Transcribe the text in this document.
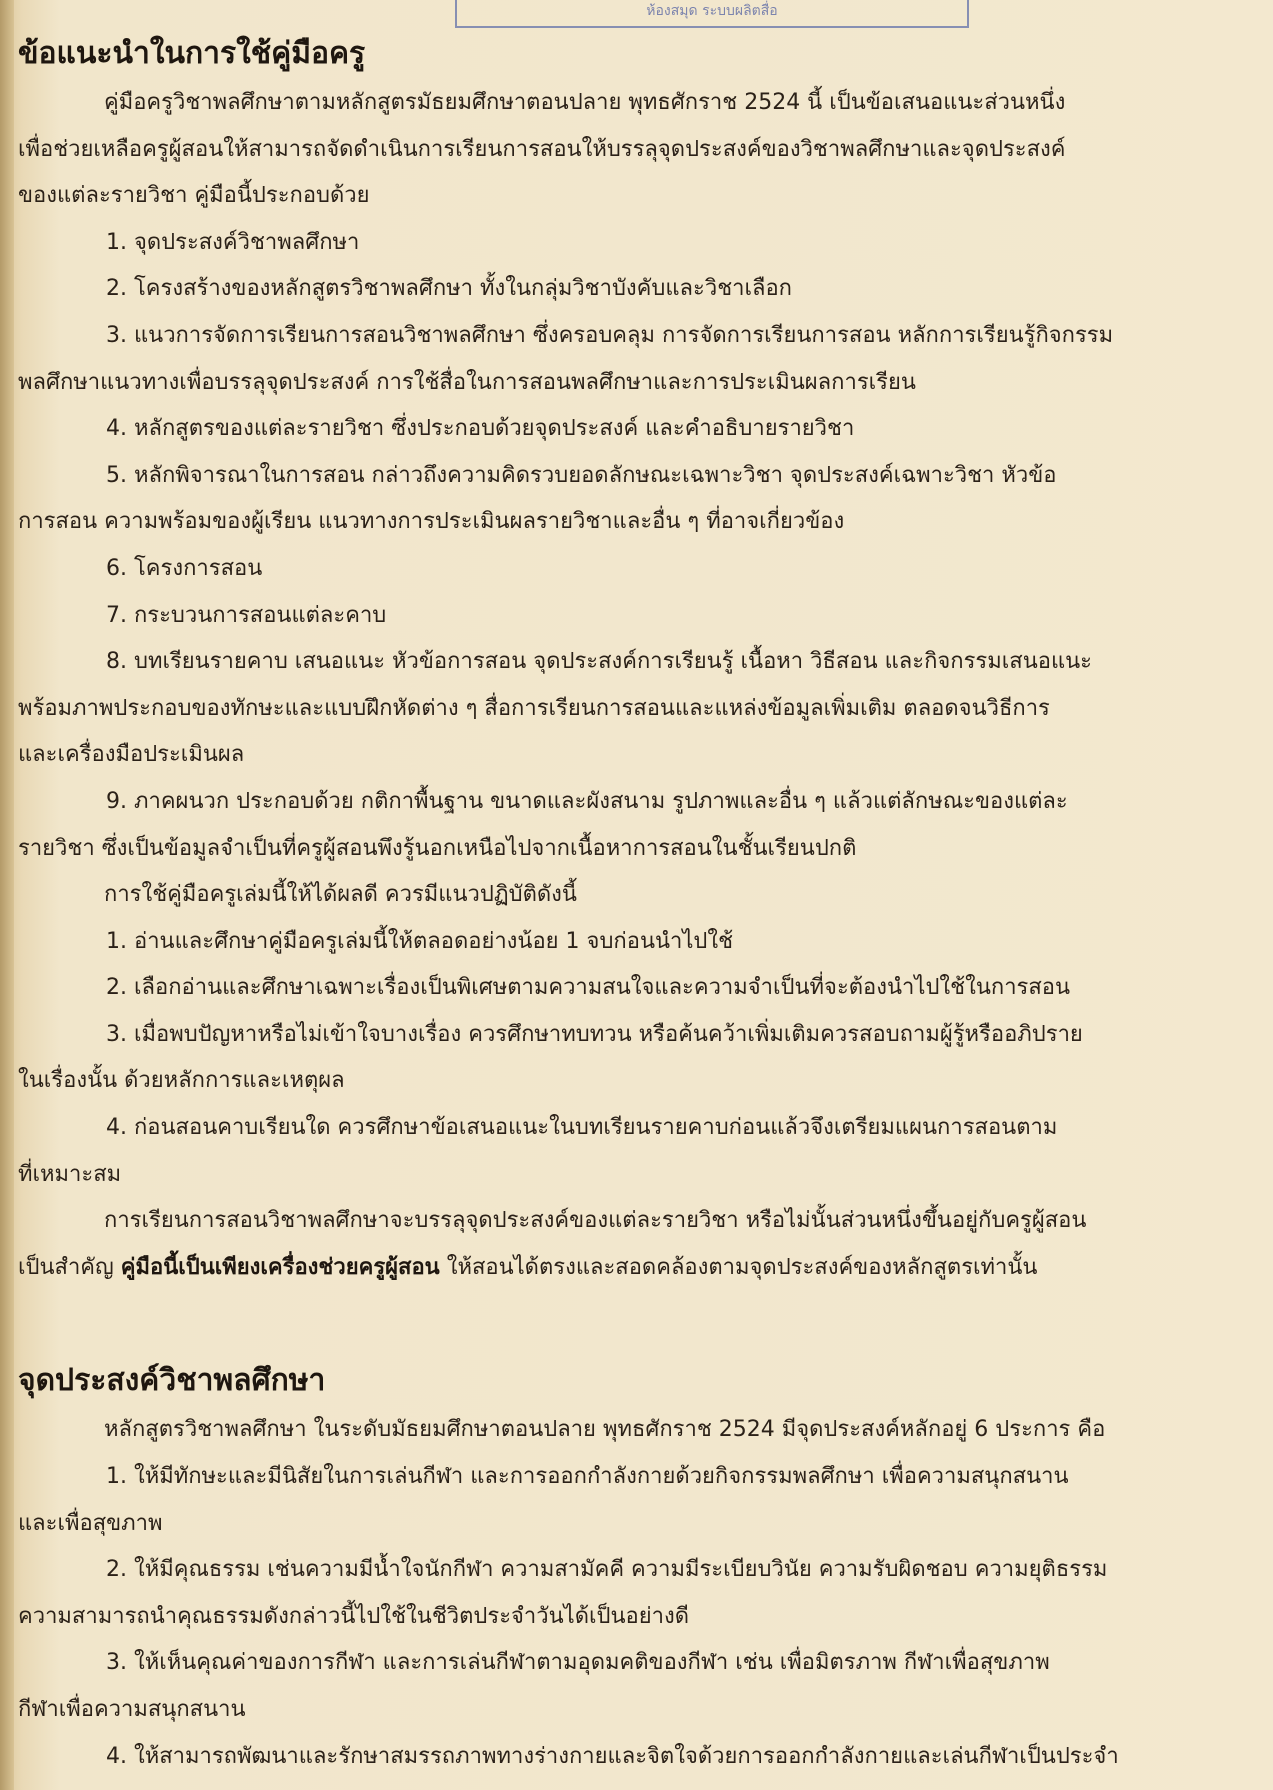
ห้องสมุด ระบบผลิตสื่อ
ข้อแนะนำในการใช้คู่มือครู

คู่มือครูวิชาพลศึกษาตามหลักสูตรมัธยมศึกษาตอนปลาย พุทธศักราช 2524 นี้ เป็นข้อเสนอแนะส่วนหนึ่ง

เพื่อช่วยเหลือครูผู้สอนให้สามารถจัดดำเนินการเรียนการสอนให้บรรลุจุดประสงค์ของวิชาพลศึกษาและจุดประสงค์

ของแต่ละรายวิชา คู่มือนี้ประกอบด้วย

1. จุดประสงค์วิชาพลศึกษา

2. โครงสร้างของหลักสูตรวิชาพลศึกษา ทั้งในกลุ่มวิชาบังคับและวิชาเลือก

3. แนวการจัดการเรียนการสอนวิชาพลศึกษา ซึ่งครอบคลุม การจัดการเรียนการสอน หลักการเรียนรู้กิจกรรม

พลศึกษาแนวทางเพื่อบรรลุจุดประสงค์ การใช้สื่อในการสอนพลศึกษาและการประเมินผลการเรียน

4. หลักสูตรของแต่ละรายวิชา ซึ่งประกอบด้วยจุดประสงค์ และคำอธิบายรายวิชา

5. หลักพิจารณาในการสอน กล่าวถึงความคิดรวบยอดลักษณะเฉพาะวิชา จุดประสงค์เฉพาะวิชา หัวข้อ

การสอน ความพร้อมของผู้เรียน แนวทางการประเมินผลรายวิชาและอื่น ๆ ที่อาจเกี่ยวข้อง

6. โครงการสอน

7. กระบวนการสอนแต่ละคาบ

8. บทเรียนรายคาบ เสนอแนะ หัวข้อการสอน จุดประสงค์การเรียนรู้ เนื้อหา วิธีสอน และกิจกรรมเสนอแนะ

พร้อมภาพประกอบของทักษะและแบบฝึกหัดต่าง ๆ สื่อการเรียนการสอนและแหล่งข้อมูลเพิ่มเติม ตลอดจนวิธีการ

และเครื่องมือประเมินผล

9. ภาคผนวก ประกอบด้วย กติกาพื้นฐาน ขนาดและผังสนาม รูปภาพและอื่น ๆ แล้วแต่ลักษณะของแต่ละ

รายวิชา ซึ่งเป็นข้อมูลจำเป็นที่ครูผู้สอนพึงรู้นอกเหนือไปจากเนื้อหาการสอนในชั้นเรียนปกติ

การใช้คู่มือครูเล่มนี้ให้ได้ผลดี ควรมีแนวปฏิบัติดังนี้

1. อ่านและศึกษาคู่มือครูเล่มนี้ให้ตลอดอย่างน้อย 1 จบก่อนนำไปใช้

2. เลือกอ่านและศึกษาเฉพาะเรื่องเป็นพิเศษตามความสนใจและความจำเป็นที่จะต้องนำไปใช้ในการสอน

3. เมื่อพบปัญหาหรือไม่เข้าใจบางเรื่อง ควรศึกษาทบทวน หรือค้นคว้าเพิ่มเติมควรสอบถามผู้รู้หรืออภิปราย

ในเรื่องนั้น ด้วยหลักการและเหตุผล

4. ก่อนสอนคาบเรียนใด ควรศึกษาข้อเสนอแนะในบทเรียนรายคาบก่อนแล้วจึงเตรียมแผนการสอนตาม

ที่เหมาะสม

การเรียนการสอนวิชาพลศึกษาจะบรรลุจุดประสงค์ของแต่ละรายวิชา หรือไม่นั้นส่วนหนึ่งขึ้นอยู่กับครูผู้สอน

เป็นสำคัญ คู่มือนี้เป็นเพียงเครื่องช่วยครูผู้สอน ให้สอนได้ตรงและสอดคล้องตามจุดประสงค์ของหลักสูตรเท่านั้น

จุดประสงค์วิชาพลศึกษา

หลักสูตรวิชาพลศึกษา ในระดับมัธยมศึกษาตอนปลาย พุทธศักราช 2524 มีจุดประสงค์หลักอยู่ 6 ประการ คือ

1. ให้มีทักษะและมีนิสัยในการเล่นกีฬา และการออกกำลังกายด้วยกิจกรรมพลศึกษา เพื่อความสนุกสนาน

และเพื่อสุขภาพ

2. ให้มีคุณธรรม เช่นความมีน้ำใจนักกีฬา ความสามัคคี ความมีระเบียบวินัย ความรับผิดชอบ ความยุติธรรม

ความสามารถนำคุณธรรมดังกล่าวนี้ไปใช้ในชีวิตประจำวันได้เป็นอย่างดี

3. ให้เห็นคุณค่าของการกีฬา และการเล่นกีฬาตามอุดมคติของกีฬา เช่น เพื่อมิตรภาพ กีฬาเพื่อสุขภาพ

กีฬาเพื่อความสนุกสนาน

4. ให้สามารถพัฒนาและรักษาสมรรถภาพทางร่างกายและจิตใจด้วยการออกกำลังกายและเล่นกีฬาเป็นประจำ
